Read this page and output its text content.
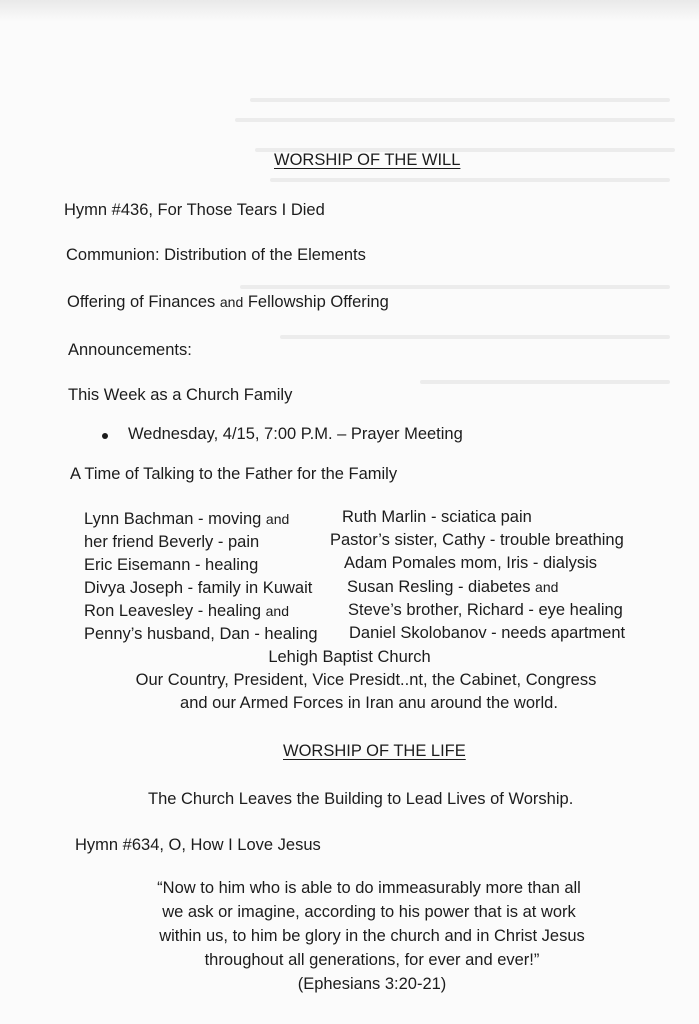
WORSHIP OF THE WILL
Hymn #436, For Those Tears I Died
Communion: Distribution of the Elements
Offering of Finances and Fellowship Offering
Announcements:
This Week as a Church Family
Wednesday, 4/15, 7:00 P.M. – Prayer Meeting
A Time of Talking to the Father for the Family
Lynn Bachman - moving and
her friend Beverly - pain
Eric Eisemann - healing
Divya Joseph - family in Kuwait
Ron Leavesley - healing and
Penny’s husband, Dan - healing
Ruth Marlin - sciatica pain
Pastor’s sister, Cathy - trouble breathing
Adam Pomales mom, Iris - dialysis
Susan Resling - diabetes and
Steve’s brother, Richard - eye healing
Daniel Skolobanov - needs apartment
Lehigh Baptist Church
Our Country, President, Vice Presidt..nt, the Cabinet, Congress
and our Armed Forces in Iran anu around the world.
WORSHIP OF THE LIFE
The Church Leaves the Building to Lead Lives of Worship.
Hymn #634, O, How I Love Jesus
“Now to him who is able to do immeasurably more than all
we ask or imagine, according to his power that is at work
within us, to him be glory in the church and in Christ Jesus
throughout all generations, for ever and ever!”
(Ephesians 3:20-21)
